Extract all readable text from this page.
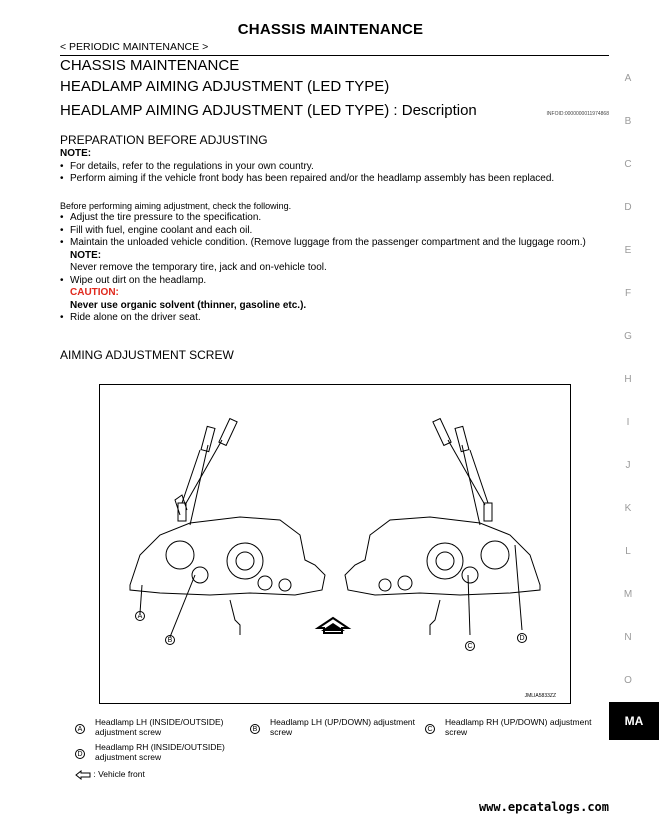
CHASSIS MAINTENANCE
< PERIODIC MAINTENANCE >
CHASSIS MAINTENANCE
HEADLAMP AIMING ADJUSTMENT (LED TYPE)
HEADLAMP AIMING ADJUSTMENT (LED TYPE) : Description	INFOID:0000000011974868
PREPARATION BEFORE ADJUSTING
NOTE:
• For details, refer to the regulations in your own country.
• Perform aiming if the vehicle front body has been repaired and/or the headlamp assembly has been replaced.
Before performing aiming adjustment, check the following.
• Adjust the tire pressure to the specification.
• Fill with fuel, engine coolant and each oil.
• Maintain the unloaded vehicle condition. (Remove luggage from the passenger compartment and the luggage room.)
NOTE:
Never remove the temporary tire, jack and on-vehicle tool.
• Wipe out dirt on the headlamp.
CAUTION:
Never use organic solvent (thinner, gasoline etc.).
• Ride alone on the driver seat.
AIMING ADJUSTMENT SCREW
A
B
C
D
JMLIA5833ZZ
A
Headlamp LH (INSIDE/OUTSIDE) adjustment screw	B
Headlamp LH (UP/DOWN) adjustment screw	C
Headlamp RH (UP/DOWN) adjustment screw
D
Headlamp RH (INSIDE/OUTSIDE) adjustment screw
: Vehicle front
A
B
C
D
E
F
G
H
I
J
K
L
M
N
O
MA
www.epcatalogs.com
